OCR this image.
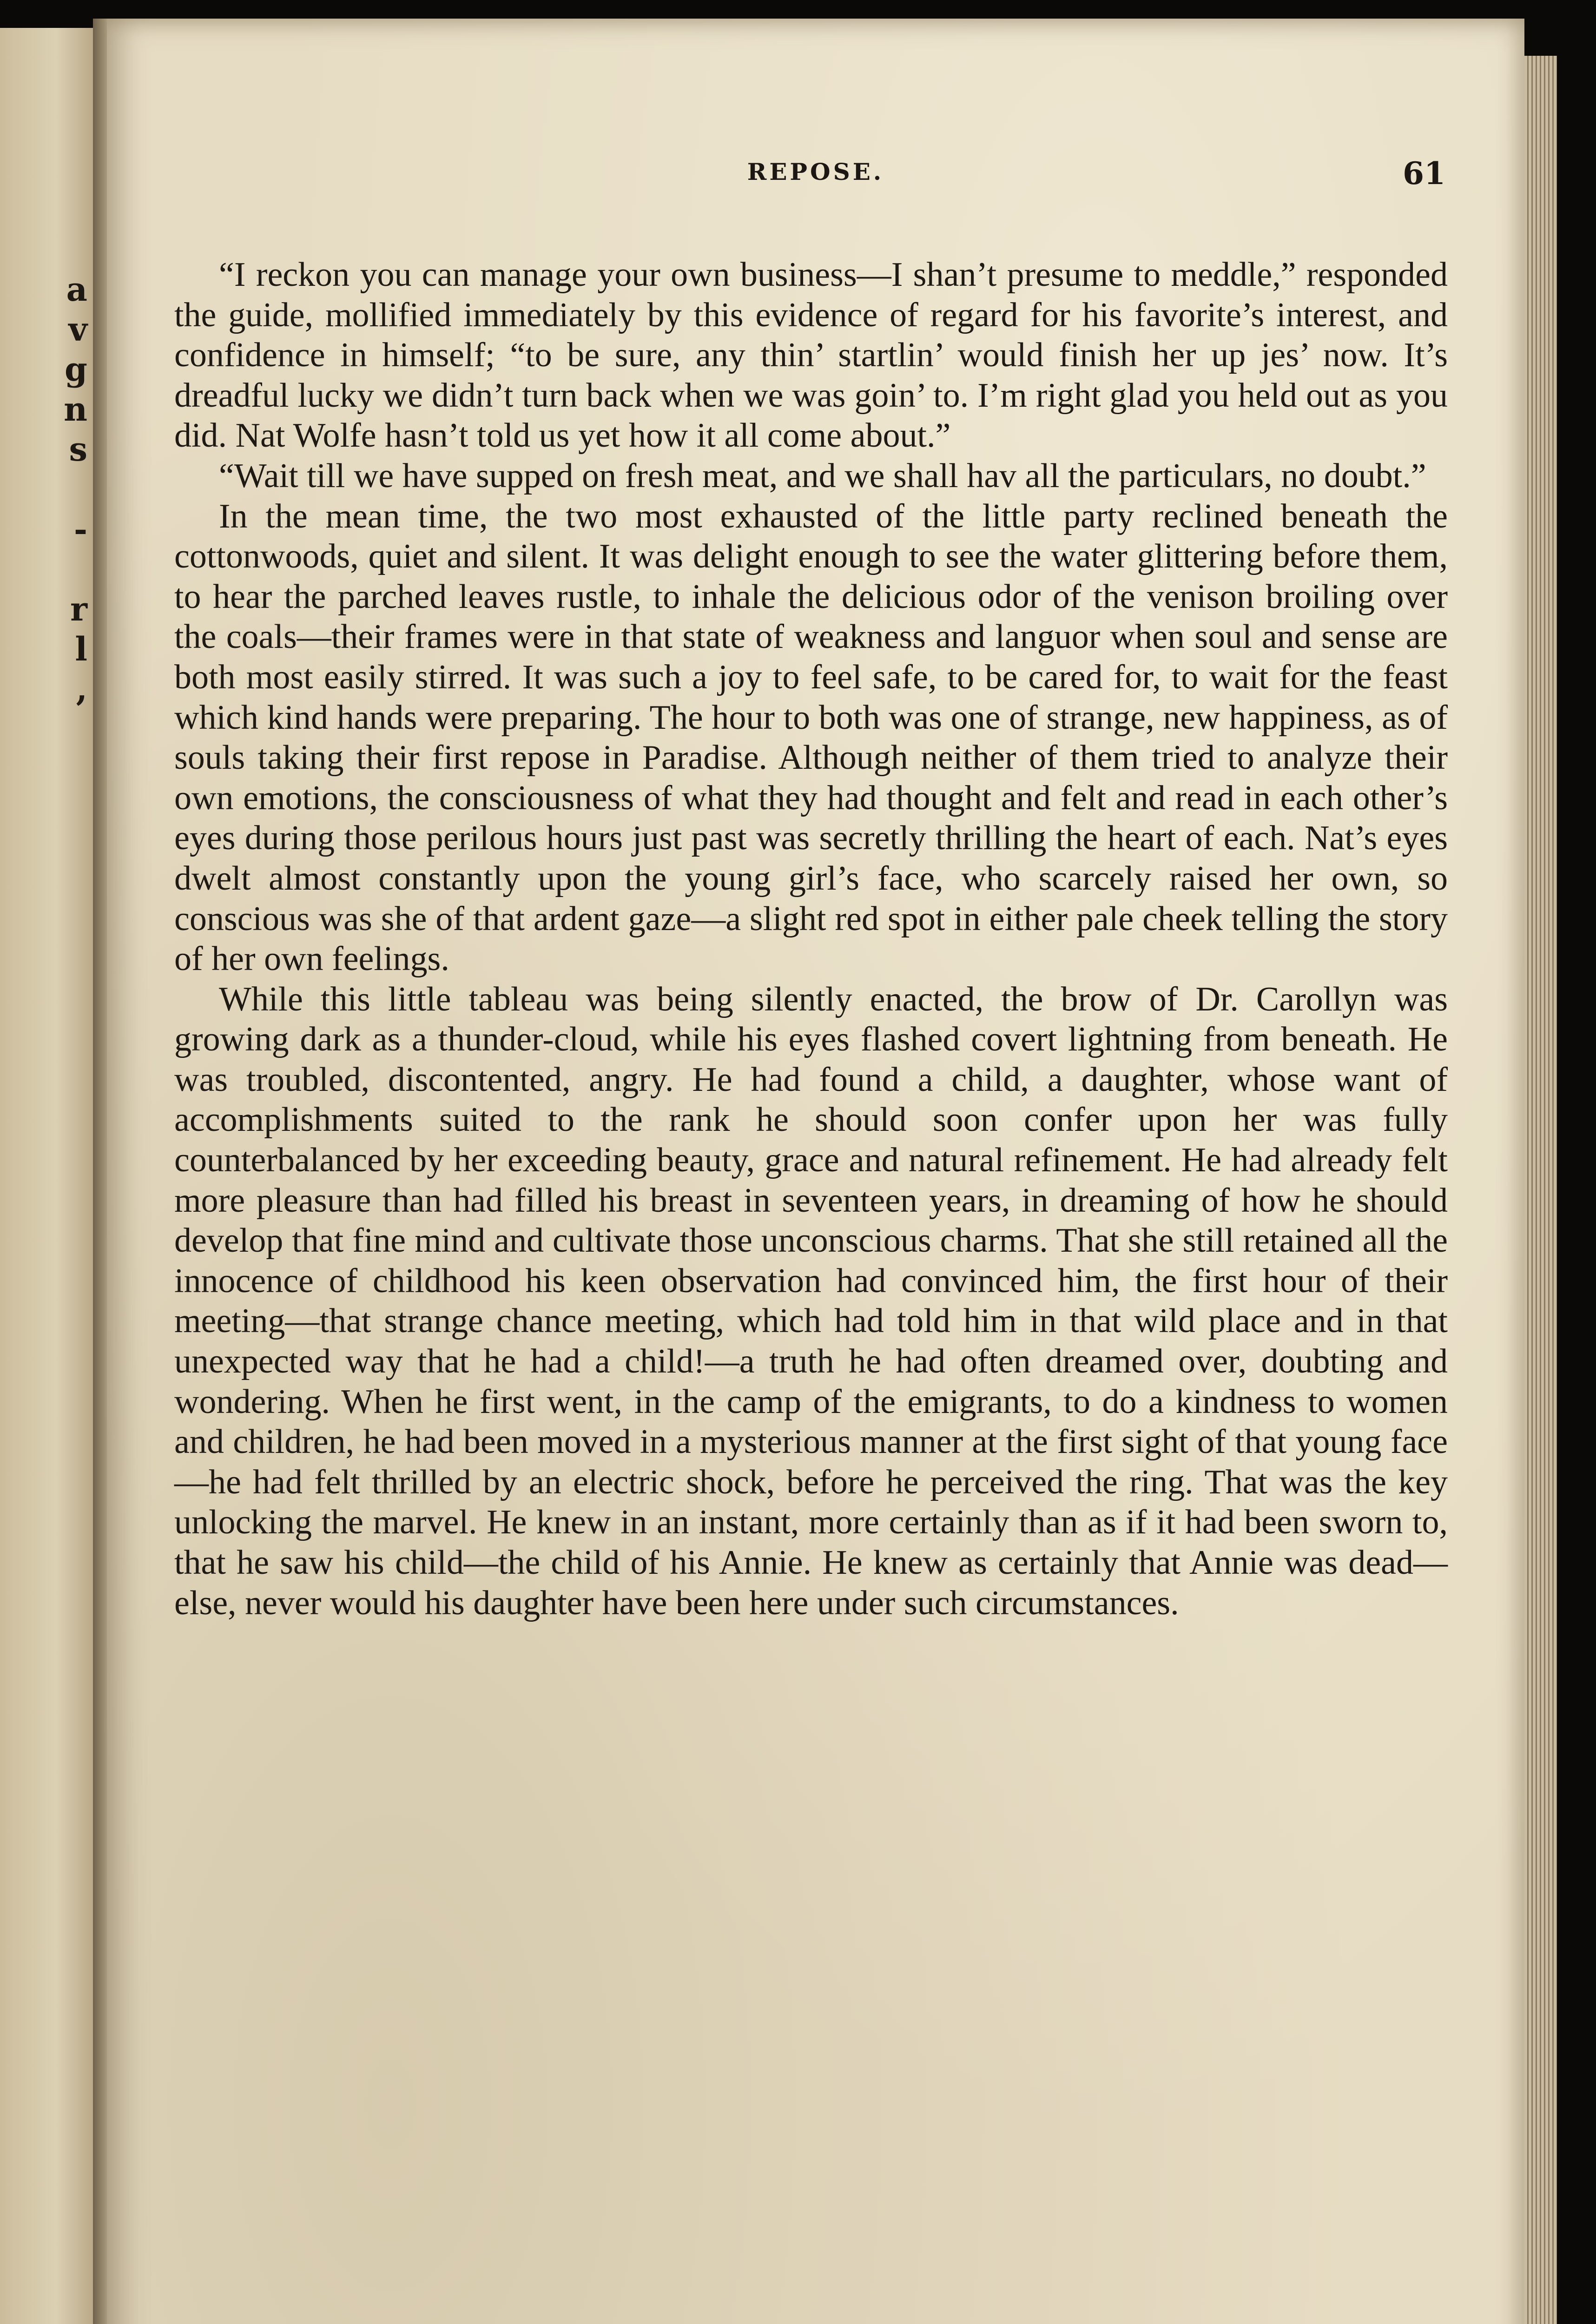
a
v
g
n
s

-

r
l
,
REPOSE.	61

“I reckon you can manage your own business—I shan’t presume to meddle,” responded the guide, mollified immediately by this evidence of regard for his favorite’s interest, and confidence in himself; “to be sure, any thin’ startlin’ would finish her up jes’ now. It’s dreadful lucky we didn’t turn back when we was goin’ to. I’m right glad you held out as you did. Nat Wolfe hasn’t told us yet how it all come about.”

“Wait till we have supped on fresh meat, and we shall hav all the particulars, no doubt.”

In the mean time, the two most exhausted of the little party reclined beneath the cottonwoods, quiet and silent. It was delight enough to see the water glittering before them, to hear the parched leaves rustle, to inhale the delicious odor of the venison broiling over the coals—their frames were in that state of weakness and languor when soul and sense are both most easily stirred. It was such a joy to feel safe, to be cared for, to wait for the feast which kind hands were preparing. The hour to both was one of strange, new happiness, as of souls taking their first repose in Paradise. Although neither of them tried to analyze their own emotions, the consciousness of what they had thought and felt and read in each other’s eyes during those perilous hours just past was secretly thrilling the heart of each. Nat’s eyes dwelt almost constantly upon the young girl’s face, who scarcely raised her own, so conscious was she of that ardent gaze—a slight red spot in either pale cheek telling the story of her own feelings.

While this little tableau was being silently enacted, the brow of Dr. Carollyn was growing dark as a thunder-cloud, while his eyes flashed covert lightning from beneath. He was troubled, discontented, angry. He had found a child, a daughter, whose want of accomplishments suited to the rank he should soon confer upon her was fully counterbalanced by her exceeding beauty, grace and natural refinement. He had already felt more pleasure than had filled his breast in seventeen years, in dreaming of how he should develop that fine mind and cultivate those unconscious charms. That she still retained all the innocence of childhood his keen observation had convinced him, the first hour of their meeting—that strange chance meeting, which had told him in that wild place and in that unexpected way that he had a child!—a truth he had often dreamed over, doubting and wondering. When he first went, in the camp of the emigrants, to do a kindness to women and children, he had been moved in a mysterious manner at the first sight of that young face—he had felt thrilled by an electric shock, before he perceived the ring. That was the key unlocking the marvel. He knew in an instant, more certainly than as if it had been sworn to, that he saw his child—the child of his Annie. He knew as certainly that Annie was dead—else, never would his daughter have been here under such circumstances.
